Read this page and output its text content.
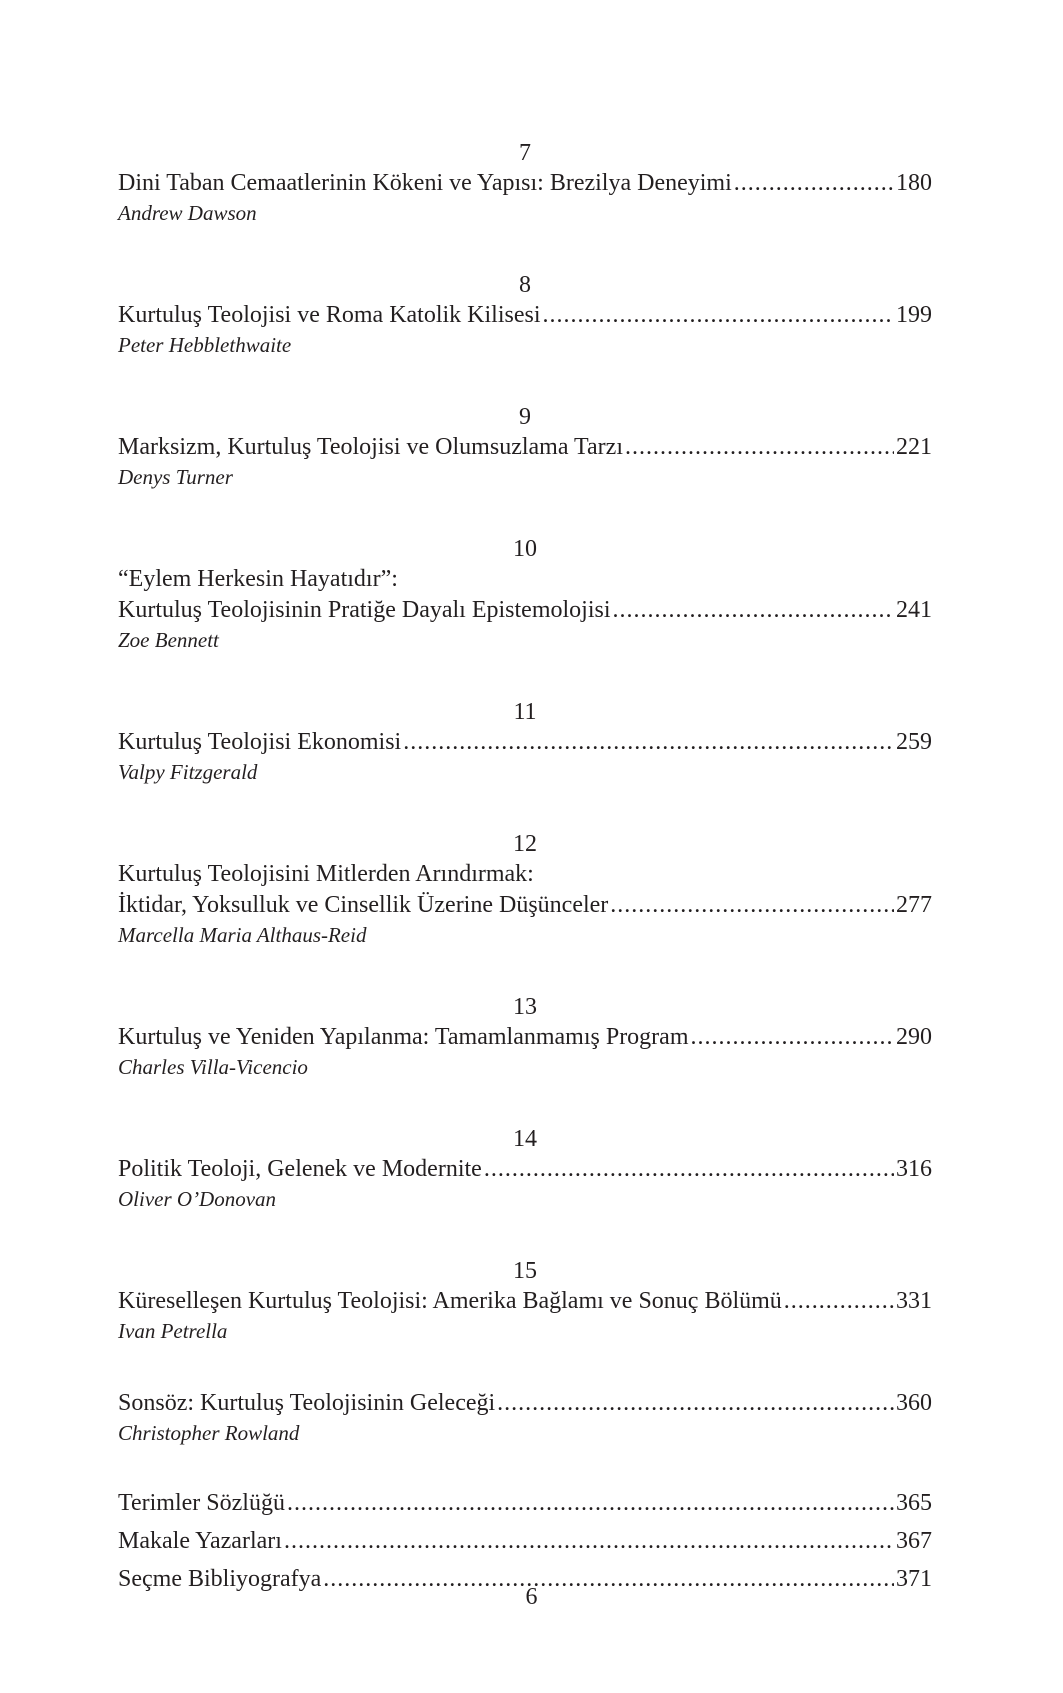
7
Dini Taban Cemaatlerinin Kökeni ve Yapısı: Brezilya Deneyimi .....	180
Andrew Dawson
8
Kurtuluş Teolojisi ve Roma Katolik Kilisesi .....	199
Peter Hebblethwaite
9
Marksizm, Kurtuluş Teolojisi ve Olumsuzlama Tarzı .....	221
Denys Turner
10
“Eylem Herkesin Hayatıdır”:
Kurtuluş Teolojisinin Pratiğe Dayalı Epistemolojisi .....	241
Zoe Bennett
11
Kurtuluş Teolojisi Ekonomisi .....	259
Valpy Fitzgerald
12
Kurtuluş Teolojisini Mitlerden Arındırmak:
İktidar, Yoksulluk ve Cinsellik Üzerine Düşünceler .....	277
Marcella Maria Althaus-Reid
13
Kurtuluş ve Yeniden Yapılanma: Tamamlanmamış Program .....	290
Charles Villa-Vicencio
14
Politik Teoloji, Gelenek ve Modernite .....	316
Oliver O’Donovan
15
Küreselleşen Kurtuluş Teolojisi: Amerika Bağlamı ve Sonuç Bölümü .....	331
Ivan Petrella
Sonsöz: Kurtuluş Teolojisinin Geleceği .....	360
Christopher Rowland
Terimler Sözlüğü .....	365
Makale Yazarları .....	367
Seçme Bibliyografya .....	371
6
